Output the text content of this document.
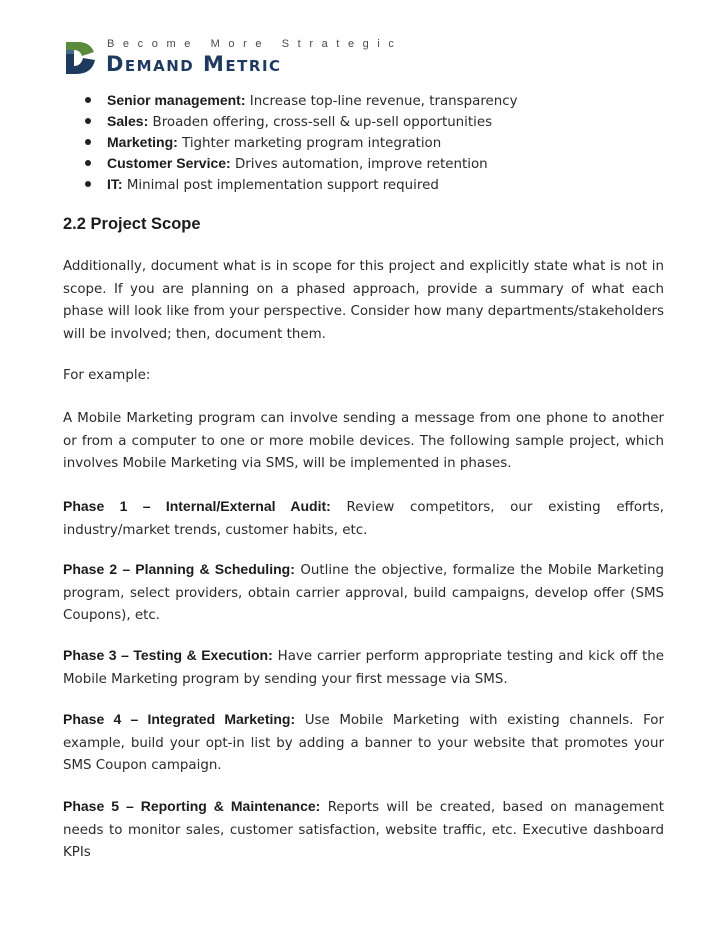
Become More Strategic
Demand Metric
Senior management: Increase top-line revenue, transparency
Sales: Broaden offering, cross-sell & up-sell opportunities
Marketing: Tighter marketing program integration
Customer Service: Drives automation, improve retention
IT: Minimal post implementation support required
2.2 Project Scope

Additionally, document what is in scope for this project and explicitly state what is not in scope. If you are planning on a phased approach, provide a summary of what each phase will look like from your perspective. Consider how many departments/stakeholders will be involved; then, document them.

For example:

A Mobile Marketing program can involve sending a message from one phone to another or from a computer to one or more mobile devices. The following sample project, which involves Mobile Marketing via SMS, will be implemented in phases.

Phase 1 – Internal/External Audit: Review competitors, our existing efforts, industry/market trends, customer habits, etc.

Phase 2 – Planning & Scheduling: Outline the objective, formalize the Mobile Marketing program, select providers, obtain carrier approval, build campaigns, develop offer (SMS Coupons), etc.

Phase 3 – Testing & Execution: Have carrier perform appropriate testing and kick off the Mobile Marketing program by sending your first message via SMS.

Phase 4 – Integrated Marketing: Use Mobile Marketing with existing channels. For example, build your opt-in list by adding a banner to your website that promotes your SMS Coupon campaign.

Phase 5 – Reporting & Maintenance: Reports will be created, based on management needs to monitor sales, customer satisfaction, website traffic, etc. Executive dashboard KPIs
